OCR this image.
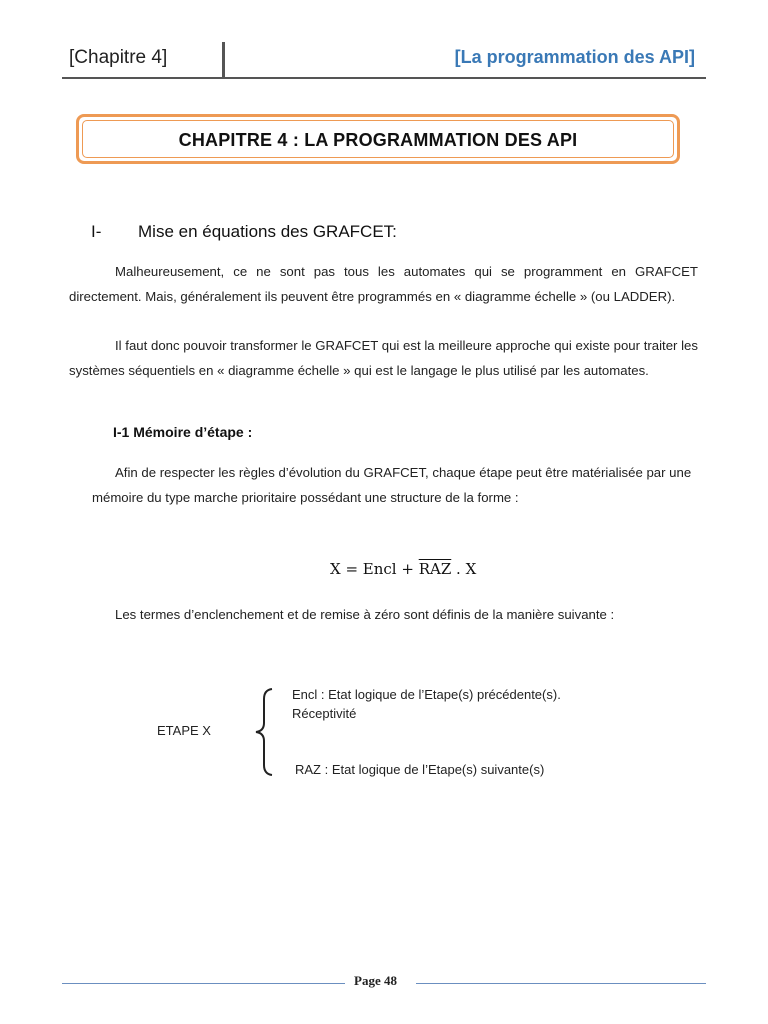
[Chapitre 4]	[La programmation des API]
CHAPITRE 4 : LA PROGRAMMATION DES API
I- Mise en équations des GRAFCET:
Malheureusement, ce ne sont pas tous les automates qui se programment en GRAFCET directement. Mais, généralement ils peuvent être programmés en « diagramme échelle » (ou LADDER).
Il faut donc pouvoir transformer le GRAFCET qui est la meilleure approche qui existe pour traiter les systèmes séquentiels en « diagramme échelle » qui est le langage le plus utilisé par les automates.
I-1 Mémoire d’étape :
Afin de respecter les règles d’évolution du GRAFCET, chaque étape peut être matérialisée par une mémoire du type marche prioritaire possédant une structure de la forme :
X = Encl + $\overline{RAZ}$ . X
Les termes d’enclenchement et de remise à zéro sont définis de la manière suivante :
ETAPE X
Encl : Etat logique de l’Etape(s) précédente(s).
Réceptivité
RAZ : Etat logique de l’Etape(s) suivante(s)
Page 48
